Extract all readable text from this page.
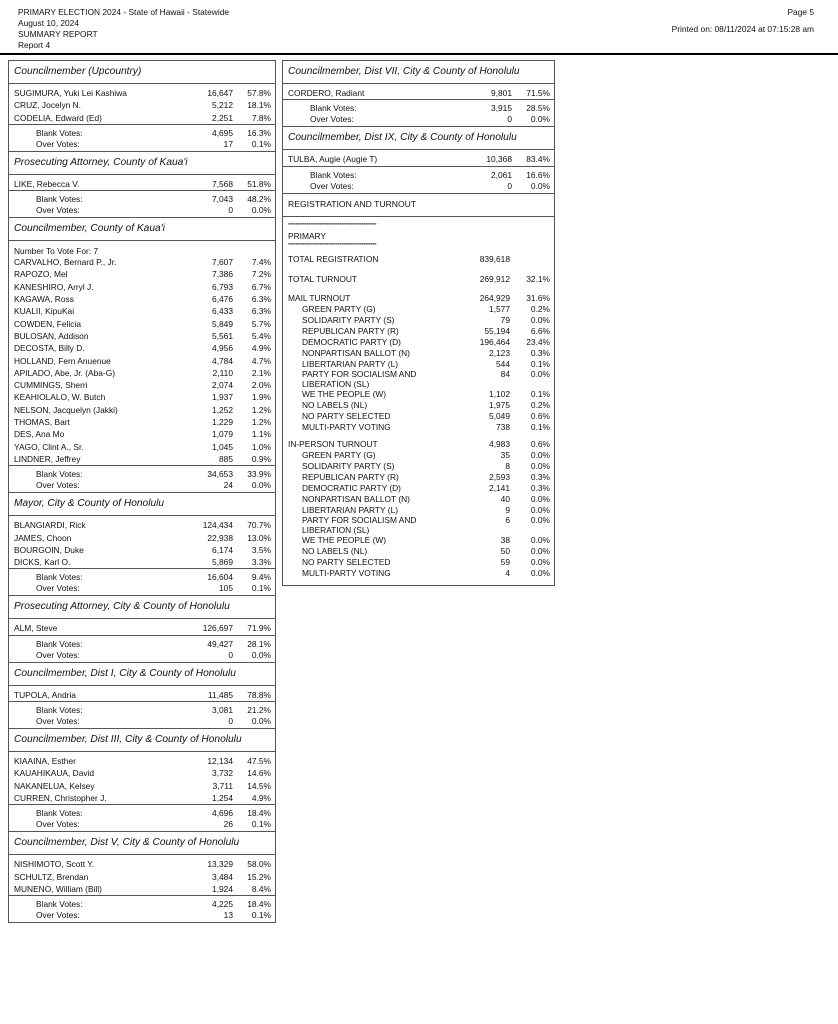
PRIMARY ELECTION 2024 - State of Hawaii - Statewide
August 10, 2024
SUMMARY REPORT
Report 4
Page 5
Printed on: 08/11/2024 at 07:15:28 am
Councilmember (Upcountry)
SUGIMURA, Yuki Lei Kashiwa	16,647	57.8%
CRUZ, Jocelyn N.	5,212	18.1%
CODELIA, Edward (Ed)	2,251	7.8%
Blank Votes:	4,695	16.3%
Over Votes:	17	0.1%
Prosecuting Attorney, County of Kaua'i
LIKE, Rebecca V.	7,568	51.8%
Blank Votes:	7,043	48.2%
Over Votes:	0	0.0%
Councilmember, County of Kaua'i
Number To Vote For: 7
CARVALHO, Bernard P., Jr.	7,607	7.4%
RAPOZO, Mel	7,386	7.2%
KANESHIRO, Arryl J.	6,793	6.7%
KAGAWA, Ross	6,476	6.3%
KUALII, KipuKai	6,433	6.3%
COWDEN, Felicia	5,849	5.7%
BULOSAN, Addison	5,561	5.4%
DECOSTA, Billy D.	4,956	4.9%
HOLLAND, Fern Anuenue	4,784	4.7%
APILADO, Abe, Jr. (Aba-G)	2,110	2.1%
CUMMINGS, Sherri	2,074	2.0%
KEAHIOLALO, W. Butch	1,937	1.9%
NELSON, Jacquelyn (Jakki)	1,252	1.2%
THOMAS, Bart	1,229	1.2%
DES, Ana Mo	1,079	1.1%
YAGO, Clint A., Sr.	1,045	1.0%
LINDNER, Jeffrey	885	0.9%
Blank Votes:	34,653	33.9%
Over Votes:	24	0.0%
Mayor, City & County of Honolulu
BLANGIARDI, Rick	124,434	70.7%
JAMES, Choon	22,938	13.0%
BOURGOIN, Duke	6,174	3.5%
DICKS, Karl O.	5,869	3.3%
Blank Votes:	16,604	9.4%
Over Votes:	105	0.1%
Prosecuting Attorney, City & County of Honolulu
ALM, Steve	126,697	71.9%
Blank Votes:	49,427	28.1%
Over Votes:	0	0.0%
Councilmember, Dist I, City & County of Honolulu
TUPOLA, Andria	11,485	78.8%
Blank Votes:	3,081	21.2%
Over Votes:	0	0.0%
Councilmember, Dist III, City & County of Honolulu
KIAAINA, Esther	12,134	47.5%
KAUAHIKAUA, David	3,732	14.6%
NAKANELUA, Kelsey	3,711	14.5%
CURREN, Christopher J.	1,254	4.9%
Blank Votes:	4,696	18.4%
Over Votes:	26	0.1%
Councilmember, Dist V, City & County of Honolulu
NISHIMOTO, Scott Y.	13,329	58.0%
SCHULTZ, Brendan	3,484	15.2%
MUNENO, William (Bill)	1,924	8.4%
Blank Votes:	4,225	18.4%
Over Votes:	13	0.1%
Councilmember, Dist VII, City & County of Honolulu
CORDERO, Radiant	9,801	71.5%
Blank Votes:	3,915	28.5%
Over Votes:	0	0.0%
Councilmember, Dist IX, City & County of Honolulu
TULBA, Augie (Augie T)	10,368	83.4%
Blank Votes:	2,061	16.6%
Over Votes:	0	0.0%
REGISTRATION AND TURNOUT
************************************************
PRIMARY
************************************************
TOTAL REGISTRATION	839,618
TOTAL TURNOUT	269,912	32.1%
MAIL TURNOUT	264,929	31.6%
GREEN PARTY (G)	1,577	0.2%
SOLIDARITY PARTY (S)	79	0.0%
REPUBLICAN PARTY (R)	55,194	6.6%
DEMOCRATIC PARTY (D)	196,464	23.4%
NONPARTISAN BALLOT (N)	2,123	0.3%
LIBERTARIAN PARTY (L)	544	0.1%
PARTY FOR SOCIALISM AND LIBERATION (SL)
84	0.0%
WE THE PEOPLE (W)	1,102	0.1%
NO LABELS (NL)	1,975	0.2%
NO PARTY SELECTED	5,049	0.6%
MULTI-PARTY VOTING	738	0.1%
IN-PERSON TURNOUT	4,983	0.6%
GREEN PARTY (G)	35	0.0%
SOLIDARITY PARTY (S)	8	0.0%
REPUBLICAN PARTY (R)	2,593	0.3%
DEMOCRATIC PARTY (D)	2,141	0.3%
NONPARTISAN BALLOT (N)	40	0.0%
LIBERTARIAN PARTY (L)	9	0.0%
PARTY FOR SOCIALISM AND LIBERATION (SL)
6	0.0%
WE THE PEOPLE (W)	38	0.0%
NO LABELS (NL)	50	0.0%
NO PARTY SELECTED	59	0.0%
MULTI-PARTY VOTING	4	0.0%
